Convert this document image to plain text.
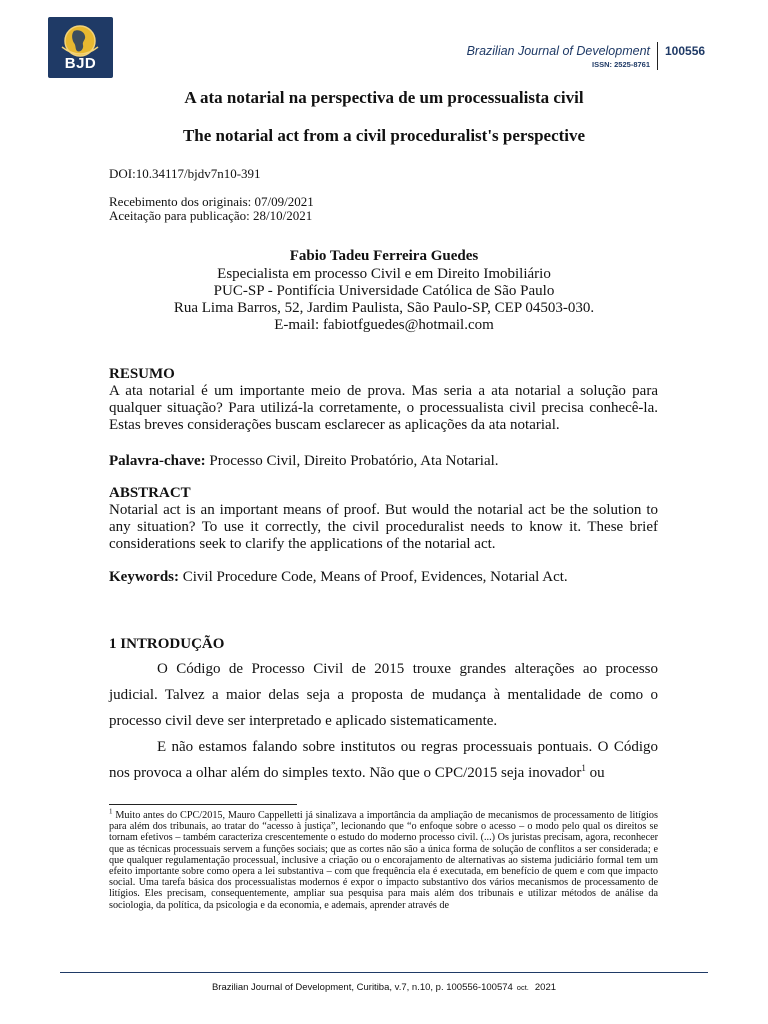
BJD
Brazilian Journal of Development
ISSN: 2525-8761
100556
A ata notarial na perspectiva de um processualista civil
The notarial act from a civil proceduralist's perspective
DOI:10.34117/bjdv7n10-391
Recebimento dos originais: 07/09/2021
Aceitação para publicação: 28/10/2021
Fabio Tadeu Ferreira Guedes
Especialista em processo Civil e em Direito Imobiliário
PUC-SP - Pontifícia Universidade Católica de São Paulo
Rua Lima Barros, 52, Jardim Paulista, São Paulo-SP, CEP 04503-030.
E-mail: fabiotfguedes@hotmail.com
RESUMO
A ata notarial é um importante meio de prova. Mas seria a ata notarial a solução para qualquer situação? Para utilizá-la corretamente, o processualista civil precisa conhecê-la. Estas breves considerações buscam esclarecer as aplicações da ata notarial.
Palavra-chave: Processo Civil, Direito Probatório, Ata Notarial.
ABSTRACT
Notarial act is an important means of proof. But would the notarial act be the solution to any situation? To use it correctly, the civil proceduralist needs to know it. These brief considerations seek to clarify the applications of the notarial act.
Keywords: Civil Procedure Code, Means of Proof, Evidences, Notarial Act.
1 INTRODUÇÃO
O Código de Processo Civil de 2015 trouxe grandes alterações ao processo judicial. Talvez a maior delas seja a proposta de mudança à mentalidade de como o processo civil deve ser interpretado e aplicado sistematicamente.
E não estamos falando sobre institutos ou regras processuais pontuais. O Código nos provoca a olhar além do simples texto. Não que o CPC/2015 seja inovador$^1$ ou
$^1$ Muito antes do CPC/2015, Mauro Cappelletti já sinalizava a importância da ampliação de mecanismos de processamento de litígios para além dos tribunais, ao tratar do “acesso à justiça”, lecionando que “o enfoque sobre o acesso – o modo pelo qual os direitos se tornam efetivos – também caracteriza crescentemente o estudo do moderno processo civil. (...) Os juristas precisam, agora, reconhecer que as técnicas processuais servem a funções sociais; que as cortes não são a única forma de solução de conflitos a ser considerada; e que qualquer regulamentação processual, inclusive a criação ou o encorajamento de alternativas ao sistema judiciário formal tem um efeito importante sobre como opera a lei substantiva – com que frequência ela é executada, em benefício de quem e com que impacto social. Uma tarefa básica dos processualistas modernos é expor o impacto substantivo dos vários mecanismos de processamento de litígios. Eles precisam, consequentemente, ampliar sua pesquisa para mais além dos tribunais e utilizar métodos de análise da sociologia, da política, da psicologia e da economia, e ademais, aprender através de
Brazilian Journal of Development, Curitiba, v.7, n.10, p. 100556-100574 oct. 2021
